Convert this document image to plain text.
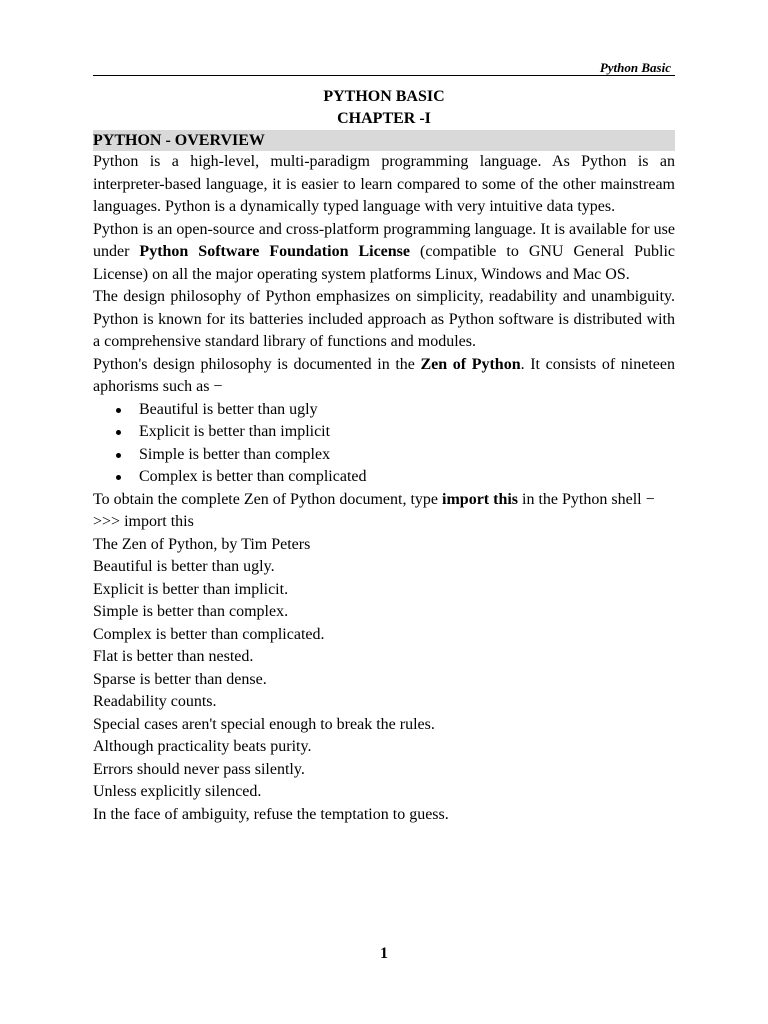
Python Basic

PYTHON BASIC

CHAPTER -I

PYTHON - OVERVIEW

Python is a high-level, multi-paradigm programming language. As Python is an interpreter-based language, it is easier to learn compared to some of the other mainstream languages. Python is a dynamically typed language with very intuitive data types.

Python is an open-source and cross-platform programming language. It is available for use under Python Software Foundation License (compatible to GNU General Public License) on all the major operating system platforms Linux, Windows and Mac OS.

The design philosophy of Python emphasizes on simplicity, readability and unambiguity. Python is known for its batteries included approach as Python software is distributed with a comprehensive standard library of functions and modules.

Python's design philosophy is documented in the Zen of Python. It consists of nineteen aphorisms such as −

Beautiful is better than ugly
Explicit is better than implicit
Simple is better than complex
Complex is better than complicated

To obtain the complete Zen of Python document, type import this in the Python shell −

>>> import this

The Zen of Python, by Tim Peters

Beautiful is better than ugly.

Explicit is better than implicit.

Simple is better than complex.

Complex is better than complicated.

Flat is better than nested.

Sparse is better than dense.

Readability counts.

Special cases aren't special enough to break the rules.

Although practicality beats purity.

Errors should never pass silently.

Unless explicitly silenced.

In the face of ambiguity, refuse the temptation to guess.

1
